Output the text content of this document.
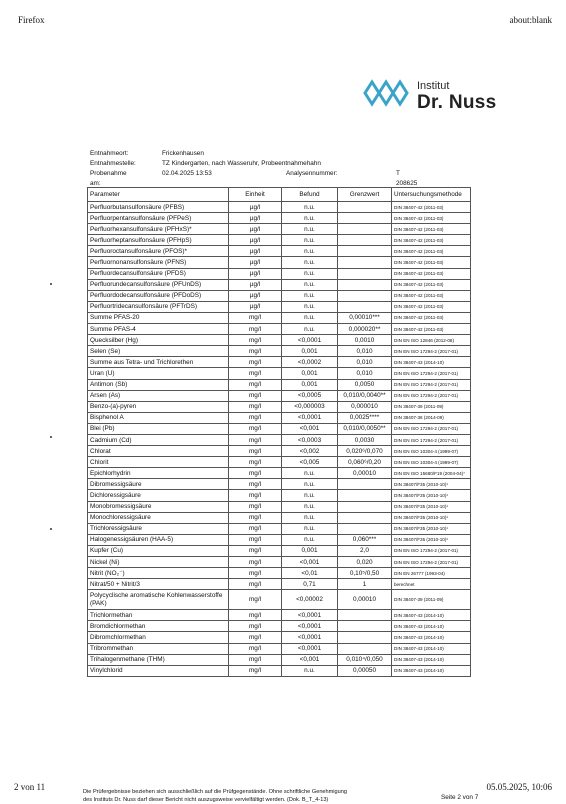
Firefox	about:blank
Institut
Dr. Nuss
Entnahmeort:	Frickenhausen
Entnahmestelle:	TZ Kindergarten, nach Wasseruhr, Probeentnahmehahn
Probenahme am:
02.04.2025 13:53	Analysennummer:	T 208625
Parameter	Einheit	Befund	Grenzwert	Untersuchungsmethode
Perfluorbutansulfonsäure (PFBS)	µg/l	n.u.		DIN 38407-42 (2011-03)
Perfluorpentansulfonsäure (PFPeS)	µg/l	n.u.		DIN 38407-42 (2011-03)
Perfluorhexansulfonsäure (PFHxS)*	µg/l	n.u.		DIN 38407-42 (2011-03)
Perfluorheptansulfonsäure (PFHpS)	µg/l	n.u.		DIN 38407-42 (2011-03)
Perfluoroctansulfonsäure (PFOS)*	µg/l	n.u.		DIN 38407-42 (2011-03)
Perfluornonansulfonsäure (PFNS)	µg/l	n.u.		DIN 38407-42 (2011-03)
Perfluordecansulfonsäure (PFDS)	µg/l	n.u.		DIN 38407-42 (2011-03)
Perfluorundecansulfonsäure (PFUnDS)	µg/l	n.u.		DIN 38407-42 (2011-03)
Perfluordodecansulfonsäure (PFDoDS)	µg/l	n.u.		DIN 38407-42 (2011-03)
Perfluortridecansulfonsäure (PFTrDS)	µg/l	n.u.		DIN 38407-42 (2011-03)
Summe PFAS-20	mg/l	n.u.	0,00010***	DIN 38407-42 (2011-03)
Summe PFAS-4	mg/l	n.u.	0,000020**	DIN 38407-42 (2011-03)
Quecksilber (Hg)	mg/l	<0,0001	0,0010	DIN EN ISO 12846 (2012-08)
Selen (Se)	mg/l	0,001	0,010	DIN EN ISO 17294-2 (2017-01)
Summe aus Tetra- und Trichlorethen	mg/l	<0,0002	0,010	DIN 38407-43 (2014-10)
Uran (U)	mg/l	0,001	0,010	DIN EN ISO 17294-2 (2017-01)
Antimon (Sb)	mg/l	0,001	0,0050	DIN EN ISO 17294-2 (2017-01)
Arsen (As)	mg/l	<0,0005	0,010/0,0040**	DIN EN ISO 17294-2 (2017-01)
Benzo-(a)-pyren	mg/l	<0,000003	0,000010	DIN 38407-39 (2011-09)
Bisphenol A	mg/l	<0,0001	0,0025****	DIN 38407-36 (2014-09)
Blei (Pb)	mg/l	<0,001	0,010/0,0050**	DIN EN ISO 17294-2 (2017-01)
Cadmium (Cd)	mg/l	<0,0003	0,0030	DIN EN ISO 17294-2 (2017-01)
Chlorat	mg/l	<0,002	0,020⁶/0,070	DIN EN ISO 10304-4 (1999-07)
Chlorit	mg/l	<0,005	0,060⁶/0,20	DIN EN ISO 10304-4 (1999-07)
Epichlorhydrin	mg/l	n.u.	0,00010	DIN EN ISO 15680/F19 (2004-04)⁷
Dibromessigsäure	mg/l	n.u.		DIN 38407/F35 (2010-10)¹
Dichloressigsäure	mg/l	n.u.		DIN 38407/F35 (2010-10)¹
Monobromessigsäure	mg/l	n.u.		DIN 38407/F35 (2010-10)¹
Monochloressigsäure	mg/l	n.u.		DIN 38407/F35 (2010-10)¹
Trichloressigsäure	mg/l	n.u.		DIN 38407/F35 (2010-10)¹
Halogenessigsäuren (HAA-5)	mg/l	n.u.	0,060***	DIN 38407/F35 (2010-10)¹
Kupfer (Cu)	mg/l	0,001	2,0	DIN EN ISO 17294-2 (2017-01)
Nickel (Ni)	mg/l	<0,001	0,020	DIN EN ISO 17294-2 (2017-01)
Nitrit (NO₂⁻)	mg/l	<0,01	0,10⁵/0,50	DIN EN 26777 (1993-04)
Nitrat/50 + Nitrit/3	mg/l	0,71	1	berechnet
Polycyclische aromatische Kohlenwasserstoffe (PAK)	mg/l	<0,00002	0,00010	DIN 38407-39 (2011-09)
Trichlormethan	mg/l	<0,0001		DIN 38407-43 (2014-10)
Bromdichlormethan	mg/l	<0,0001		DIN 38407-43 (2014-10)
Dibromchlormethan	mg/l	<0,0001		DIN 38407-43 (2014-10)
Tribrommethan	mg/l	<0,0001		DIN 38407-43 (2014-10)
Trihalogenmethane (THM)	mg/l	<0,001	0,010⁴/0,050	DIN 38407-43 (2014-10)
Vinylchlorid	mg/l	n.u.	0,00050	DIN 38407-43 (2014-10)
Die Prüfergebnisse beziehen sich ausschließlich auf die Prüfgegenstände. Ohne schriftliche Genehmigung
des Instituts Dr. Nuss darf dieser Bericht nicht auszugsweise vervielfältigt werden. (Dok. B_T_4-13)	Seite 2 von 7
2 von 11	05.05.2025, 10:06
